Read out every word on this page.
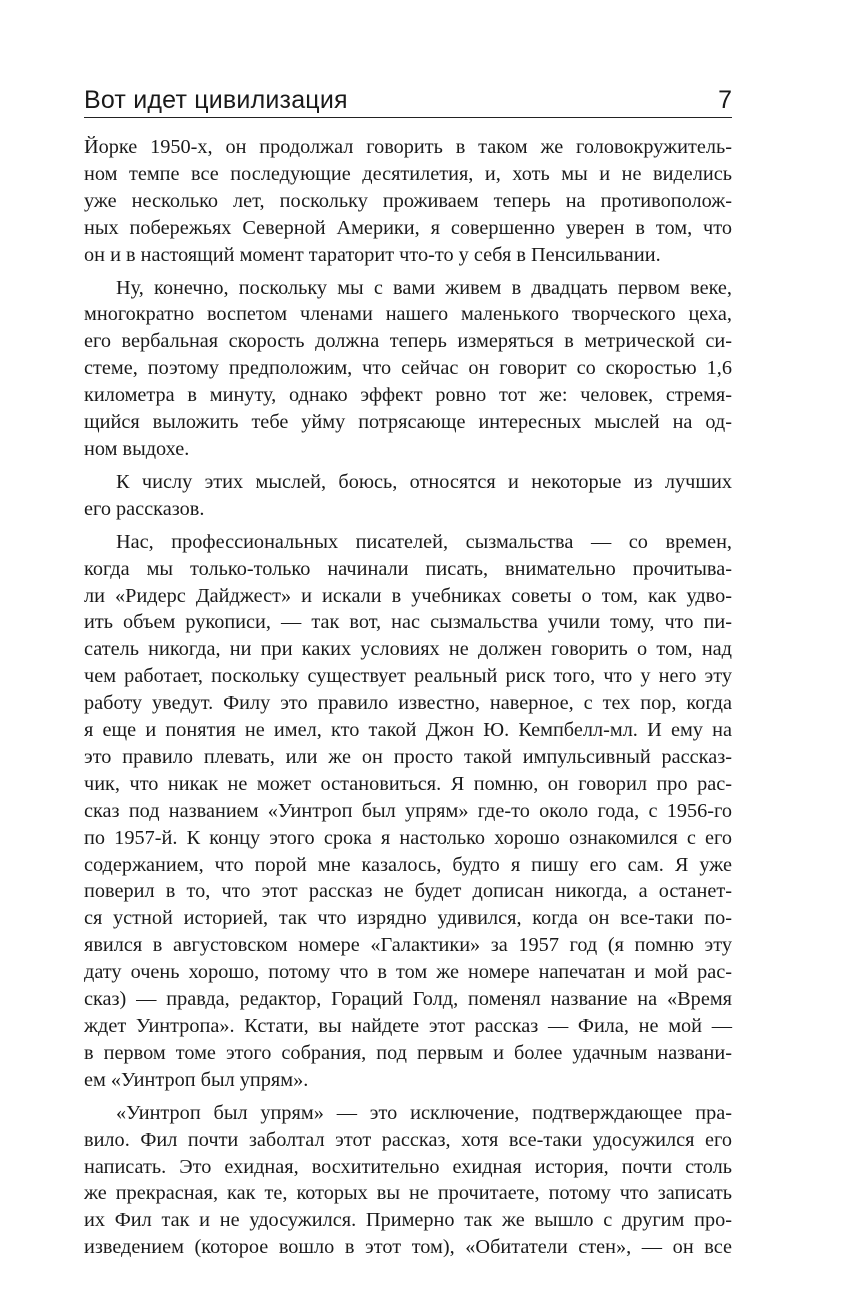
Вот идет цивилизация	7

Йорке 1950-х, он продолжал говорить в таком же головокружитель-
ном темпе все последующие десятилетия, и, хоть мы и не виделись
уже несколько лет, поскольку проживаем теперь на противополож-
ных побережьях Северной Америки, я совершенно уверен в том, что
он и в настоящий момент тараторит что-то у себя в Пенсильвании.

Ну, конечно, поскольку мы с вами живем в двадцать первом веке,
многократно воспетом членами нашего маленького творческого цеха,
его вербальная скорость должна теперь измеряться в метрической си-
стеме, поэтому предположим, что сейчас он говорит со скоростью 1,6
километра в минуту, однако эффект ровно тот же: человек, стремя-
щийся выложить тебе уйму потрясающе интересных мыслей на од-
ном выдохе.

К числу этих мыслей, боюсь, относятся и некоторые из лучших
его рассказов.

Нас, профессиональных писателей, сызмальства — со времен,
когда мы только-только начинали писать, внимательно прочитыва-
ли «Ридерс Дайджест» и искали в учебниках советы о том, как удво-
ить объем рукописи, — так вот, нас сызмальства учили тому, что пи-
сатель никогда, ни при каких условиях не должен говорить о том, над
чем работает, поскольку существует реальный риск того, что у него эту
работу уведут. Филу это правило известно, наверное, с тех пор, когда
я еще и понятия не имел, кто такой Джон Ю. Кемпбелл-мл. И ему на
это правило плевать, или же он просто такой импульсивный рассказ-
чик, что никак не может остановиться. Я помню, он говорил про рас-
сказ под названием «Уинтроп был упрям» где-то около года, с 1956-го
по 1957-й. К концу этого срока я настолько хорошо ознакомился с его
содержанием, что порой мне казалось, будто я пишу его сам. Я уже
поверил в то, что этот рассказ не будет дописан никогда, а останет-
ся устной историей, так что изрядно удивился, когда он все-таки по-
явился в августовском номере «Галактики» за 1957 год (я помню эту
дату очень хорошо, потому что в том же номере напечатан и мой рас-
сказ) — правда, редактор, Гораций Голд, поменял название на «Время
ждет Уинтропа». Кстати, вы найдете этот рассказ — Фила, не мой —
в первом томе этого собрания, под первым и более удачным названи-
ем «Уинтроп был упрям».

«Уинтроп был упрям» — это исключение, подтверждающее пра-
вило. Фил почти заболтал этот рассказ, хотя все-таки удосужился его
написать. Это ехидная, восхитительно ехидная история, почти столь
же прекрасная, как те, которых вы не прочитаете, потому что записать
их Фил так и не удосужился. Примерно так же вышло с другим про-
изведением (которое вошло в этот том), «Обитатели стен», — он все
